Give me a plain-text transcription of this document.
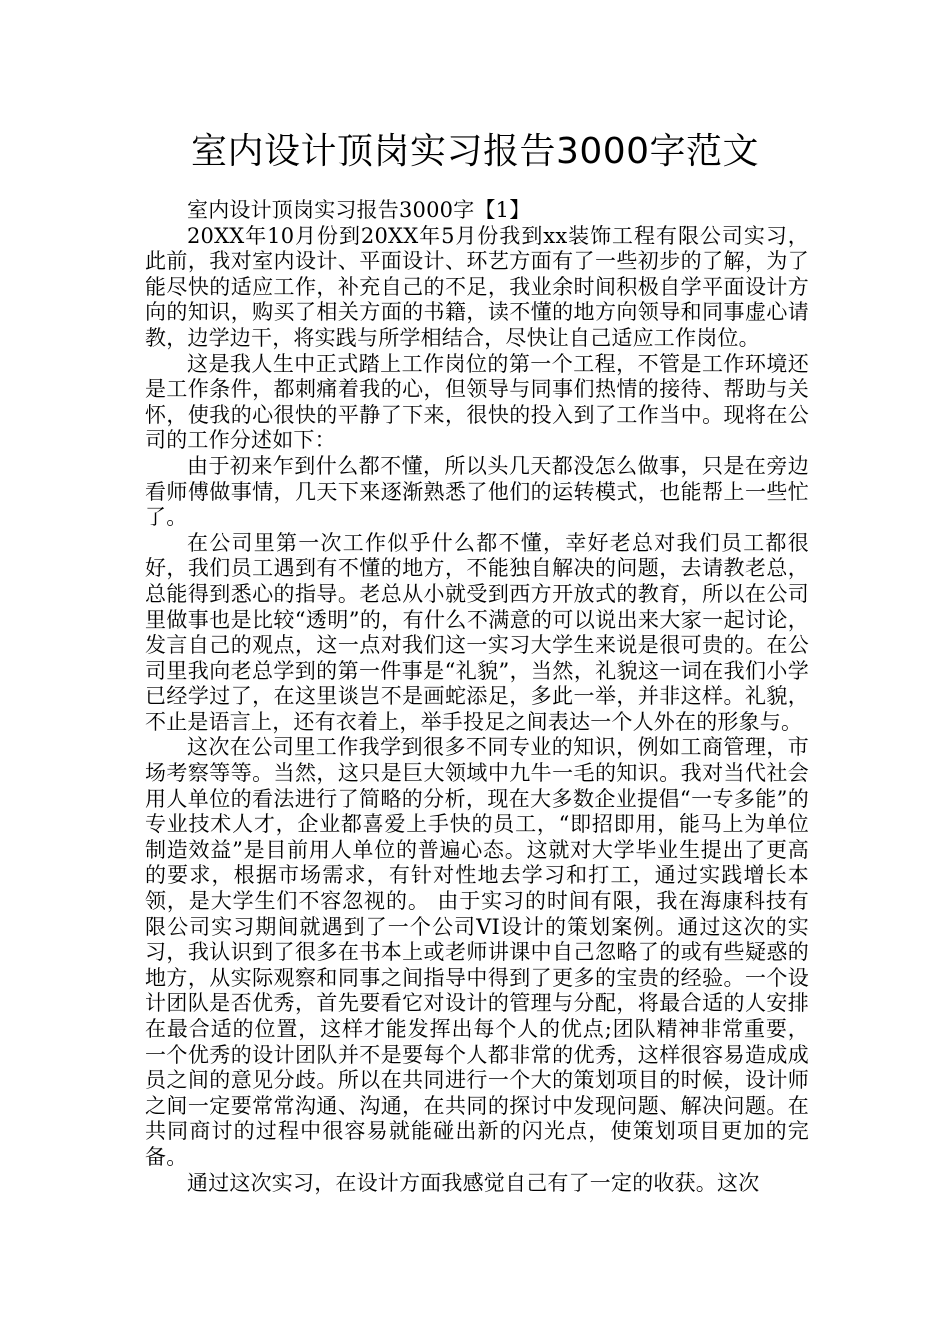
室内设计顶岗实习报告3000字范文

室内设计顶岗实习报告3000字【1】

20XX年10月份到20XX年5月份我到xx装饰工程有限公司实习，此前，我对室内设计、平面设计、环艺方面有了一些初步的了解，为了能尽快的适应工作，补充自己的不足，我业余时间积极自学平面设计方向的知识，购买了相关方面的书籍，读不懂的地方向领导和同事虚心请教，边学边干，将实践与所学相结合，尽快让自己适应工作岗位。

这是我人生中正式踏上工作岗位的第一个工程，不管是工作环境还是工作条件，都刺痛着我的心，但领导与同事们热情的接待、帮助与关怀，使我的心很快的平静了下来，很快的投入到了工作当中。现将在公司的工作分述如下：

由于初来乍到什么都不懂，所以头几天都没怎么做事，只是在旁边看师傅做事情，几天下来逐渐熟悉了他们的运转模式，也能帮上一些忙了。

在公司里第一次工作似乎什么都不懂，幸好老总对我们员工都很好，我们员工遇到有不懂的地方，不能独自解决的问题，去请教老总，总能得到悉心的指导。老总从小就受到西方开放式的教育，所以在公司里做事也是比较“透明”的，有什么不满意的可以说出来大家一起讨论，发言自己的观点，这一点对我们这一实习大学生来说是很可贵的。在公司里我向老总学到的第一件事是“礼貌”，当然，礼貌这一词在我们小学已经学过了，在这里谈岂不是画蛇添足，多此一举，并非这样。礼貌，不止是语言上，还有衣着上，举手投足之间表达一个人外在的形象与。

这次在公司里工作我学到很多不同专业的知识，例如工商管理，市场考察等等。当然，这只是巨大领域中九牛一毛的知识。我对当代社会用人单位的看法进行了简略的分析，现在大多数企业提倡“一专多能”的专业技术人才，企业都喜爱上手快的员工，“即招即用，能马上为单位制造效益”是目前用人单位的普遍心态。这就对大学毕业生提出了更高的要求，根据市场需求，有针对性地去学习和打工，通过实践增长本领，是大学生们不容忽视的。 由于实习的时间有限，我在海康科技有限公司实习期间就遇到了一个公司VI设计的策划案例。通过这次的实习，我认识到了很多在书本上或老师讲课中自己忽略了的或有些疑惑的地方，从实际观察和同事之间指导中得到了更多的宝贵的经验。一个设计团队是否优秀，首先要看它对设计的管理与分配，将最合适的人安排在最合适的位置，这样才能发挥出每个人的优点;团队精神非常重要，一个优秀的设计团队并不是要每个人都非常的优秀，这样很容易造成成员之间的意见分歧。所以在共同进行一个大的策划项目的时候，设计师之间一定要常常沟通、沟通，在共同的探讨中发现问题、解决问题。在共同商讨的过程中很容易就能碰出新的闪光点，使策划项目更加的完备。

通过这次实习，在设计方面我感觉自己有了一定的收获。这次
